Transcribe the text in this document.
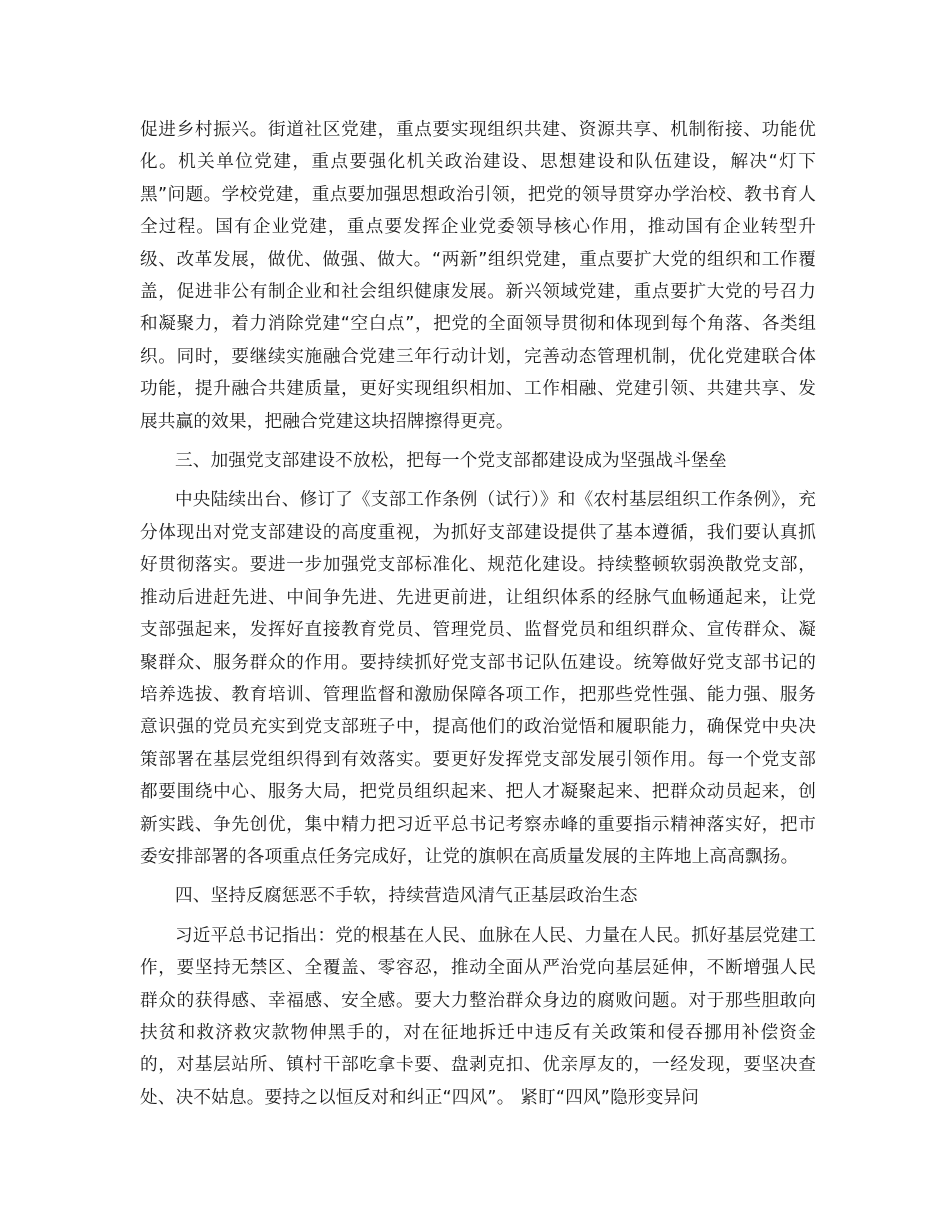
促进乡村振兴。街道社区党建，重点要实现组织共建、资源共享、机制衔接、功能优化。机关单位党建，重点要强化机关政治建设、思想建设和队伍建设，解决“灯下黑”问题。学校党建，重点要加强思想政治引领，把党的领导贯穿办学治校、教书育人全过程。国有企业党建，重点要发挥企业党委领导核心作用，推动国有企业转型升级、改革发展，做优、做强、做大。“两新”组织党建，重点要扩大党的组织和工作覆盖，促进非公有制企业和社会组织健康发展。新兴领域党建，重点要扩大党的号召力和凝聚力，着力消除党建“空白点”，把党的全面领导贯彻和体现到每个角落、各类组织。同时，要继续实施融合党建三年行动计划，完善动态管理机制，优化党建联合体功能，提升融合共建质量，更好实现组织相加、工作相融、党建引领、共建共享、发展共赢的效果，把融合党建这块招牌擦得更亮。

三、加强党支部建设不放松，把每一个党支部都建设成为坚强战斗堡垒

中央陆续出台、修订了《支部工作条例（试行）》和《农村基层组织工作条例》，充分体现出对党支部建设的高度重视，为抓好支部建设提供了基本遵循，我们要认真抓好贯彻落实。要进一步加强党支部标准化、规范化建设。持续整顿软弱涣散党支部，推动后进赶先进、中间争先进、先进更前进，让组织体系的经脉气血畅通起来，让党支部强起来，发挥好直接教育党员、管理党员、监督党员和组织群众、宣传群众、凝聚群众、服务群众的作用。要持续抓好党支部书记队伍建设。统筹做好党支部书记的培养选拔、教育培训、管理监督和激励保障各项工作，把那些党性强、能力强、服务意识强的党员充实到党支部班子中，提高他们的政治觉悟和履职能力，确保党中央决策部署在基层党组织得到有效落实。要更好发挥党支部发展引领作用。每一个党支部都要围绕中心、服务大局，把党员组织起来、把人才凝聚起来、把群众动员起来，创新实践、争先创优，集中精力把习近平总书记考察赤峰的重要指示精神落实好，把市委安排部署的各项重点任务完成好，让党的旗帜在高质量发展的主阵地上高高飘扬。

四、坚持反腐惩恶不手软，持续营造风清气正基层政治生态

习近平总书记指出：党的根基在人民、血脉在人民、力量在人民。抓好基层党建工作，要坚持无禁区、全覆盖、零容忍，推动全面从严治党向基层延伸，不断增强人民群众的获得感、幸福感、安全感。要大力整治群众身边的腐败问题。对于那些胆敢向扶贫和救济救灾款物伸黑手的，对在征地拆迁中违反有关政策和侵吞挪用补偿资金的，对基层站所、镇村干部吃拿卡要、盘剥克扣、优亲厚友的，一经发现，要坚决查处、决不姑息。要持之以恒反对和纠正“四风”。 紧盯“四风”隐形变异问
